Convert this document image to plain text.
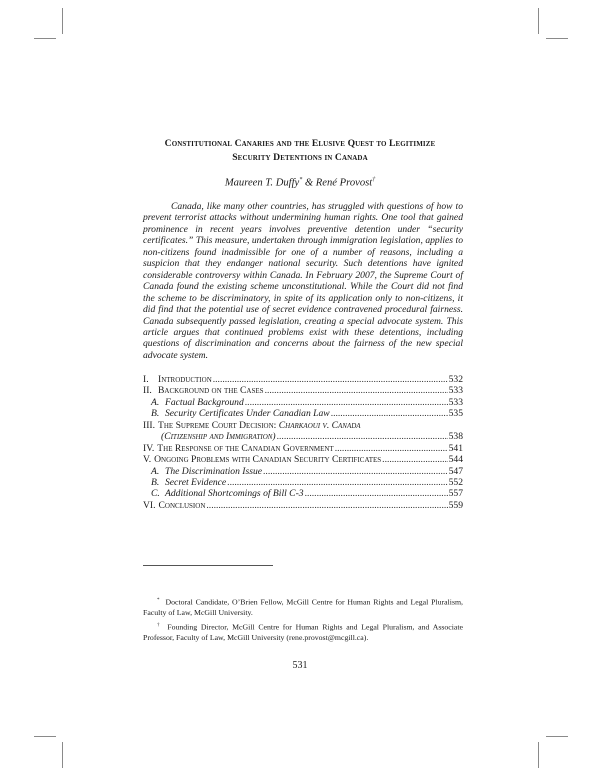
Constitutional Canaries and the Elusive Quest to Legitimize
Security Detentions in Canada
Maureen T. Duffy* & René Provost†

Canada, like many other countries, has struggled with questions of how to prevent terrorist attacks without undermining human rights. One tool that gained prominence in recent years involves preventive detention under “security certificates.” This measure, undertaken through immigration legislation, applies to non-citizens found inadmissible for one of a number of reasons, including a suspicion that they endanger national security. Such detentions have ignited considerable controversy within Canada. In February 2007, the Supreme Court of Canada found the existing scheme unconstitutional. While the Court did not find the scheme to be discriminatory, in spite of its application only to non-citizens, it did find that the potential use of secret evidence contravened procedural fairness. Canada subsequently passed legislation, creating a special advocate system. This article argues that continued problems exist with these detentions, including questions of discrimination and concerns about the fairness of the new special advocate system.

I. Introduction .....	532
II. Background on the Cases .....	533
A. Factual Background .....	533
B. Security Certificates Under Canadian Law .....	535
III. The Supreme Court Decision: Charkaoui v. Canada
(Citizenship and Immigration) .....	538
IV. The Response of the Canadian Government .....	541
V. Ongoing Problems with Canadian Security Certificates .....	544
A. The Discrimination Issue .....	547
B. Secret Evidence .....	552
C. Additional Shortcomings of Bill C-3 .....	557
VI. Conclusion .....	559

* Doctoral Candidate, O’Brien Fellow, McGill Centre for Human Rights and Legal Pluralism, Faculty of Law, McGill University.

† Founding Director, McGill Centre for Human Rights and Legal Pluralism, and Associate Professor, Faculty of Law, McGill University (rene.provost@mcgill.ca).

531
